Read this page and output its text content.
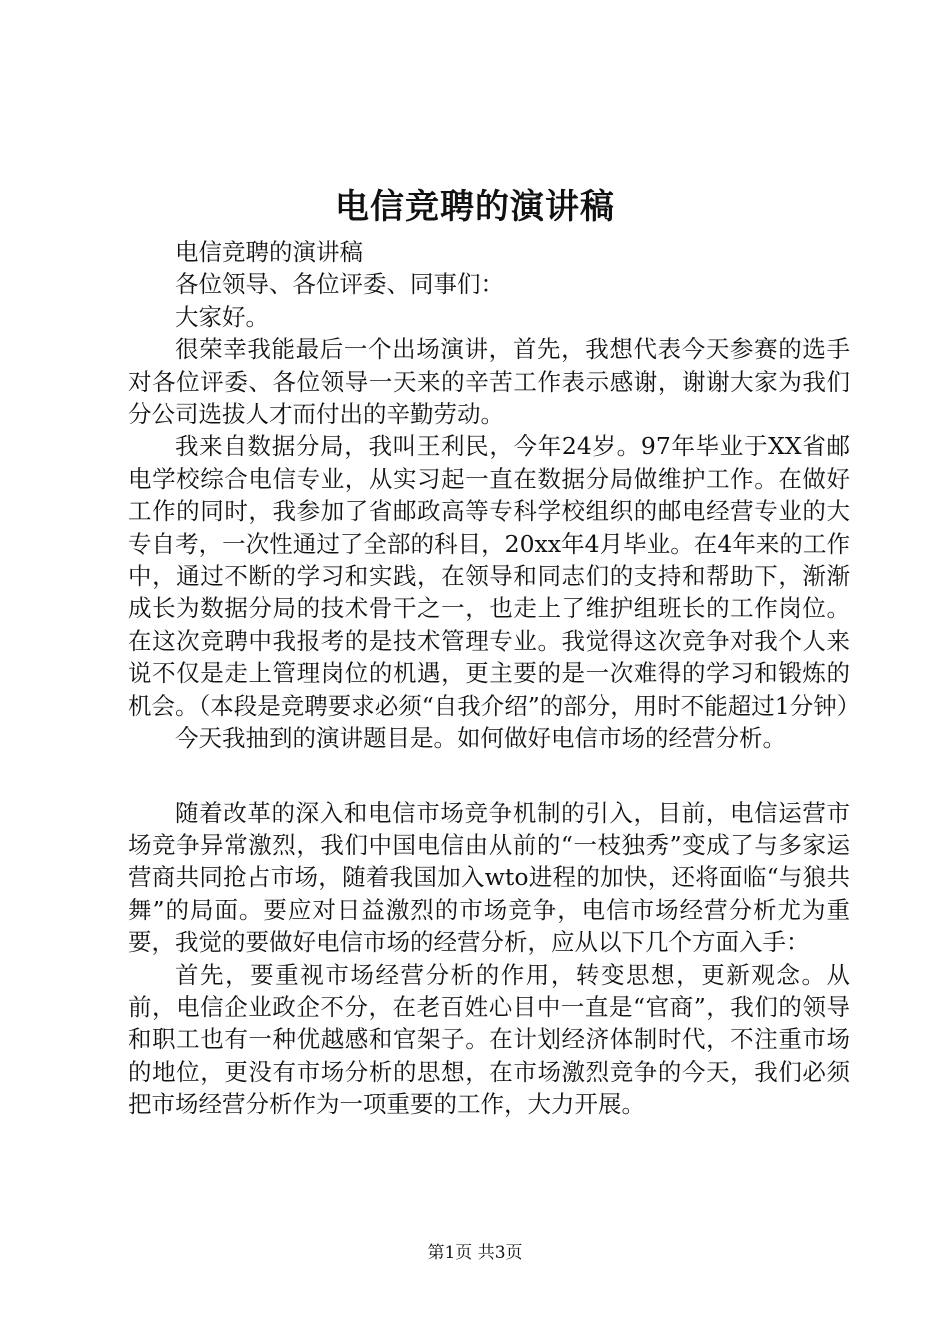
电信竞聘的演讲稿

电信竞聘的演讲稿

各位领导、各位评委、同事们：

大家好。

很荣幸我能最后一个出场演讲，首先，我想代表今天参赛的选手对各位评委、各位领导一天来的辛苦工作表示感谢，谢谢大家为我们分公司选拔人才而付出的辛勤劳动。

我来自数据分局，我叫王利民，今年24岁。97年毕业于XX省邮电学校综合电信专业，从实习起一直在数据分局做维护工作。在做好工作的同时，我参加了省邮政高等专科学校组织的邮电经营专业的大专自考，一次性通过了全部的科目，20xx年4月毕业。在4年来的工作中，通过不断的学习和实践，在领导和同志们的支持和帮助下，渐渐成长为数据分局的技术骨干之一，也走上了维护组班长的工作岗位。在这次竞聘中我报考的是技术管理专业。我觉得这次竞争对我个人来说不仅是走上管理岗位的机遇，更主要的是一次难得的学习和锻炼的机会。（本段是竞聘要求必须“自我介绍”的部分，用时不能超过1分钟）

今天我抽到的演讲题目是。如何做好电信市场的经营分析。

随着改革的深入和电信市场竞争机制的引入，目前，电信运营市场竞争异常激烈，我们中国电信由从前的“一枝独秀”变成了与多家运营商共同抢占市场，随着我国加入wto进程的加快，还将面临“与狼共舞”的局面。要应对日益激烈的市场竞争，电信市场经营分析尤为重要，我觉的要做好电信市场的经营分析，应从以下几个方面入手：

首先，要重视市场经营分析的作用，转变思想，更新观念。从前，电信企业政企不分，在老百姓心目中一直是“官商”，我们的领导和职工也有一种优越感和官架子。在计划经济体制时代，不注重市场的地位，更没有市场分析的思想，在市场激烈竞争的今天，我们必须把市场经营分析作为一项重要的工作，大力开展。

第1页 共3页
